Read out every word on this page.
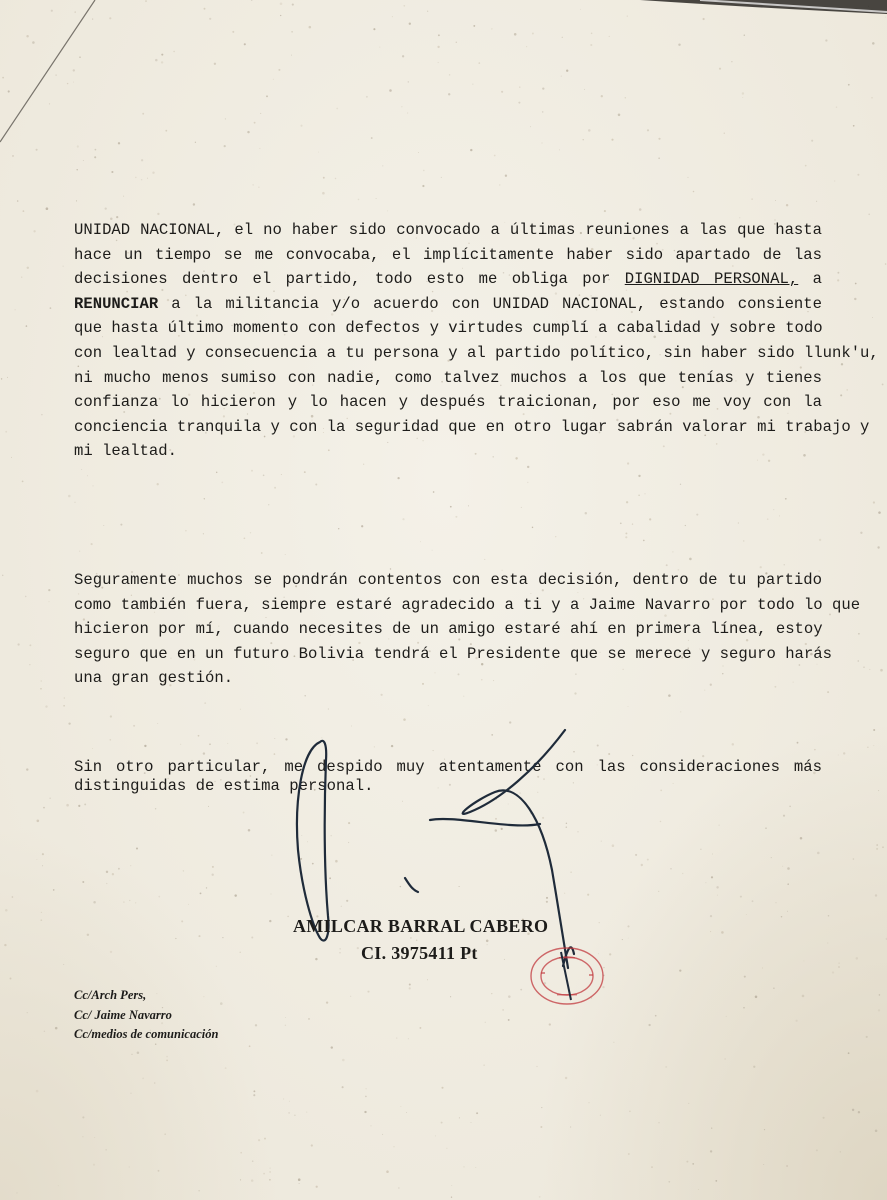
UNIDAD NACIONAL, el no haber sido convocado a últimas reuniones a las que hasta
hace un tiempo se me convocaba, el implícitamente haber sido apartado de las
decisiones dentro el partido, todo esto me obliga por DIGNIDAD PERSONAL, a
RENUNCIAR a la militancia y/o acuerdo con UNIDAD NACIONAL, estando consiente
que hasta último momento con defectos y virtudes cumplí a cabalidad y sobre todo
con lealtad y consecuencia a tu persona y al partido político, sin haber sido llunk'u,
ni mucho menos sumiso con nadie, como talvez muchos a los que tenías y tienes
confianza lo hicieron y lo hacen y después traicionan, por eso me voy con la
conciencia tranquila y con la seguridad que en otro lugar sabrán valorar mi trabajo y
mi lealtad.
Seguramente muchos se pondrán contentos con esta decisión, dentro de tu partido
como también fuera, siempre estaré agradecido a ti y a Jaime Navarro por todo lo que
hicieron por mí, cuando necesites de un amigo estaré ahí en primera línea, estoy
seguro que en un futuro Bolivia tendrá el Presidente que se merece y seguro harás
una gran gestión.
Sin otro particular, me despido muy atentamente con las consideraciones más
distinguidas de estima personal.
AMILCAR BARRAL CABERO
CI. 3975411 Pt
Cc/Arch Pers,
Cc/ Jaime Navarro
Cc/medios de comunicación
